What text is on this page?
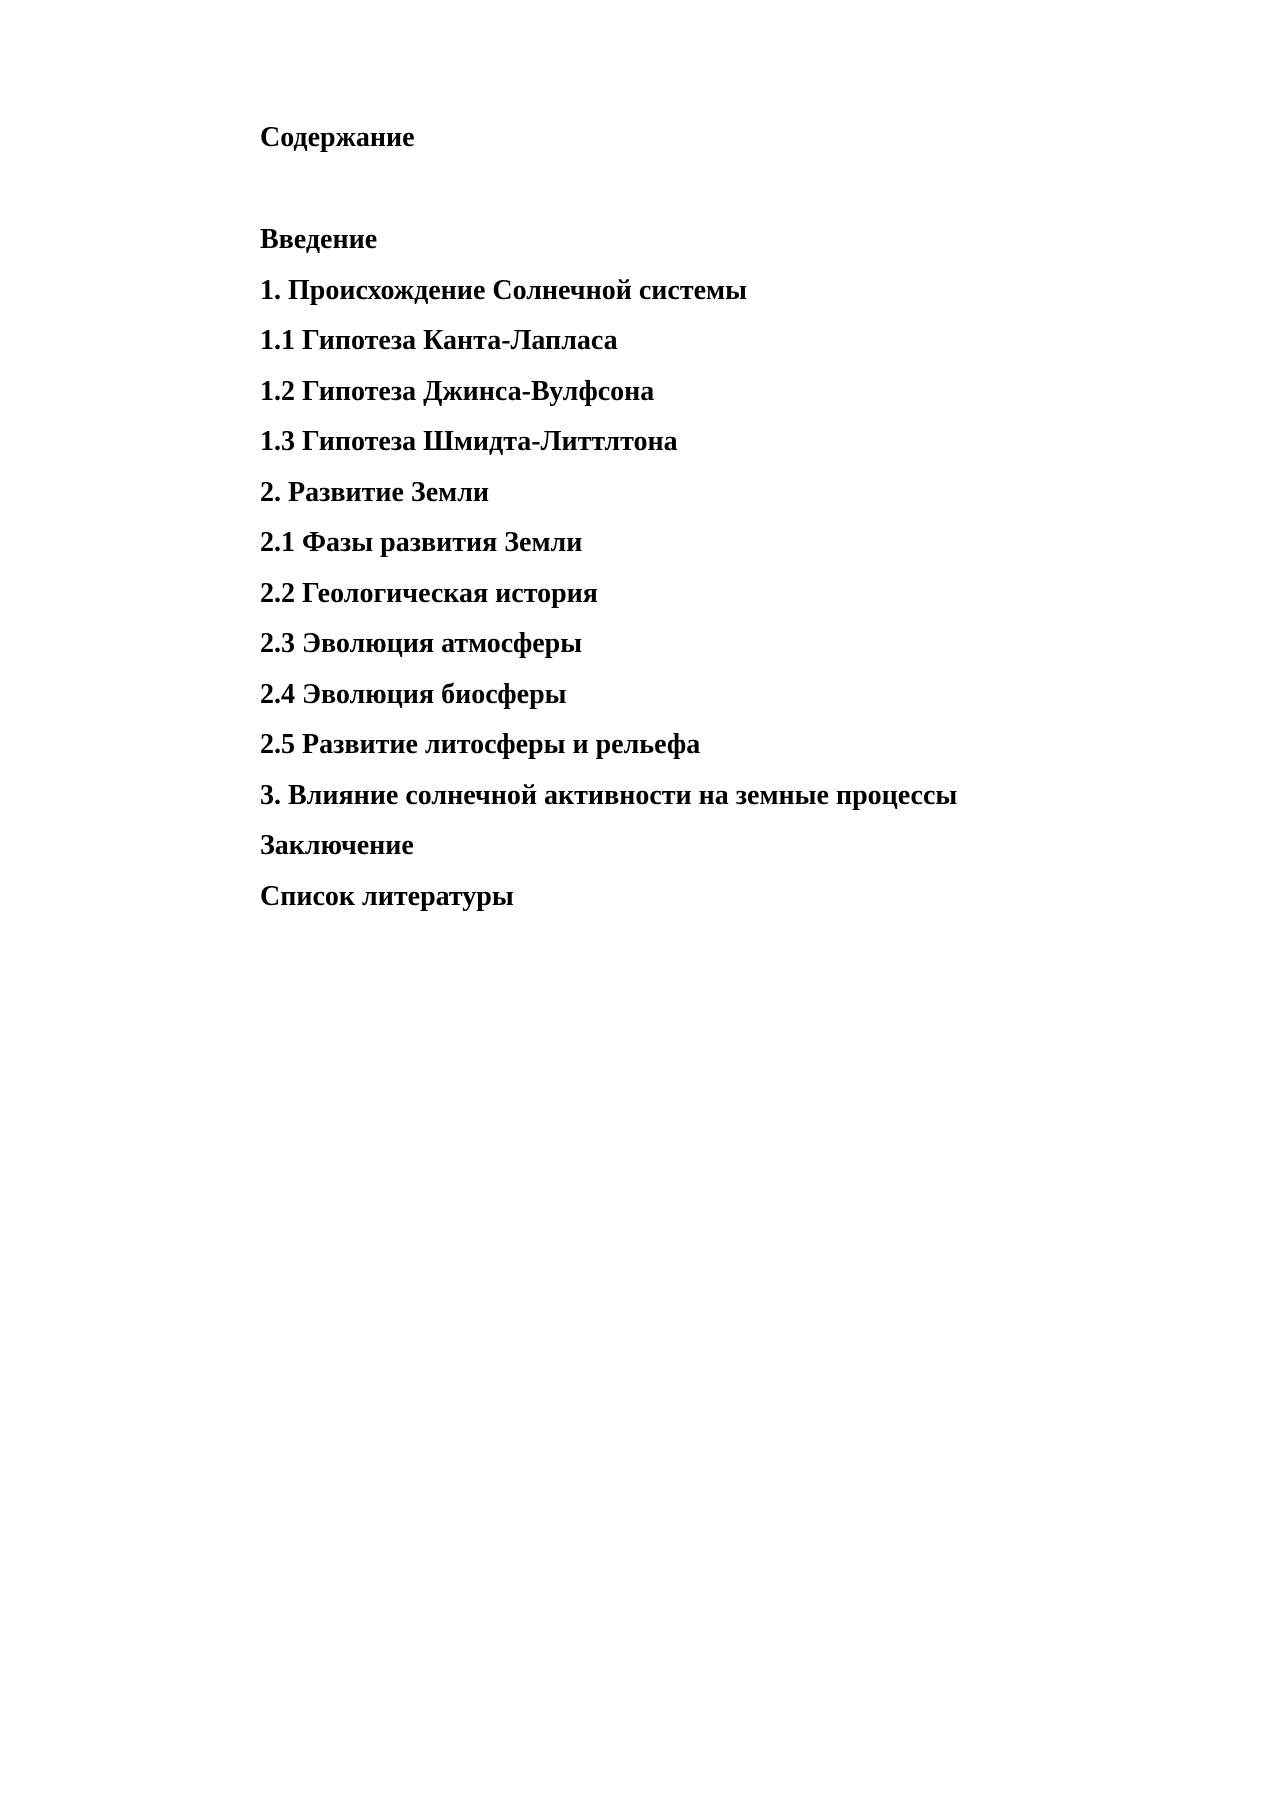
Содержание
Введение
1. Происхождение Солнечной системы
1.1 Гипотеза Канта-Лапласа
1.2 Гипотеза Джинса-Вулфсона
1.3 Гипотеза Шмидта-Литтлтона
2. Развитие Земли
2.1 Фазы развития Земли
2.2 Геологическая история
2.3 Эволюция атмосферы
2.4 Эволюция биосферы
2.5 Развитие литосферы и рельефа
3. Влияние солнечной активности на земные процессы
Заключение
Список литературы
